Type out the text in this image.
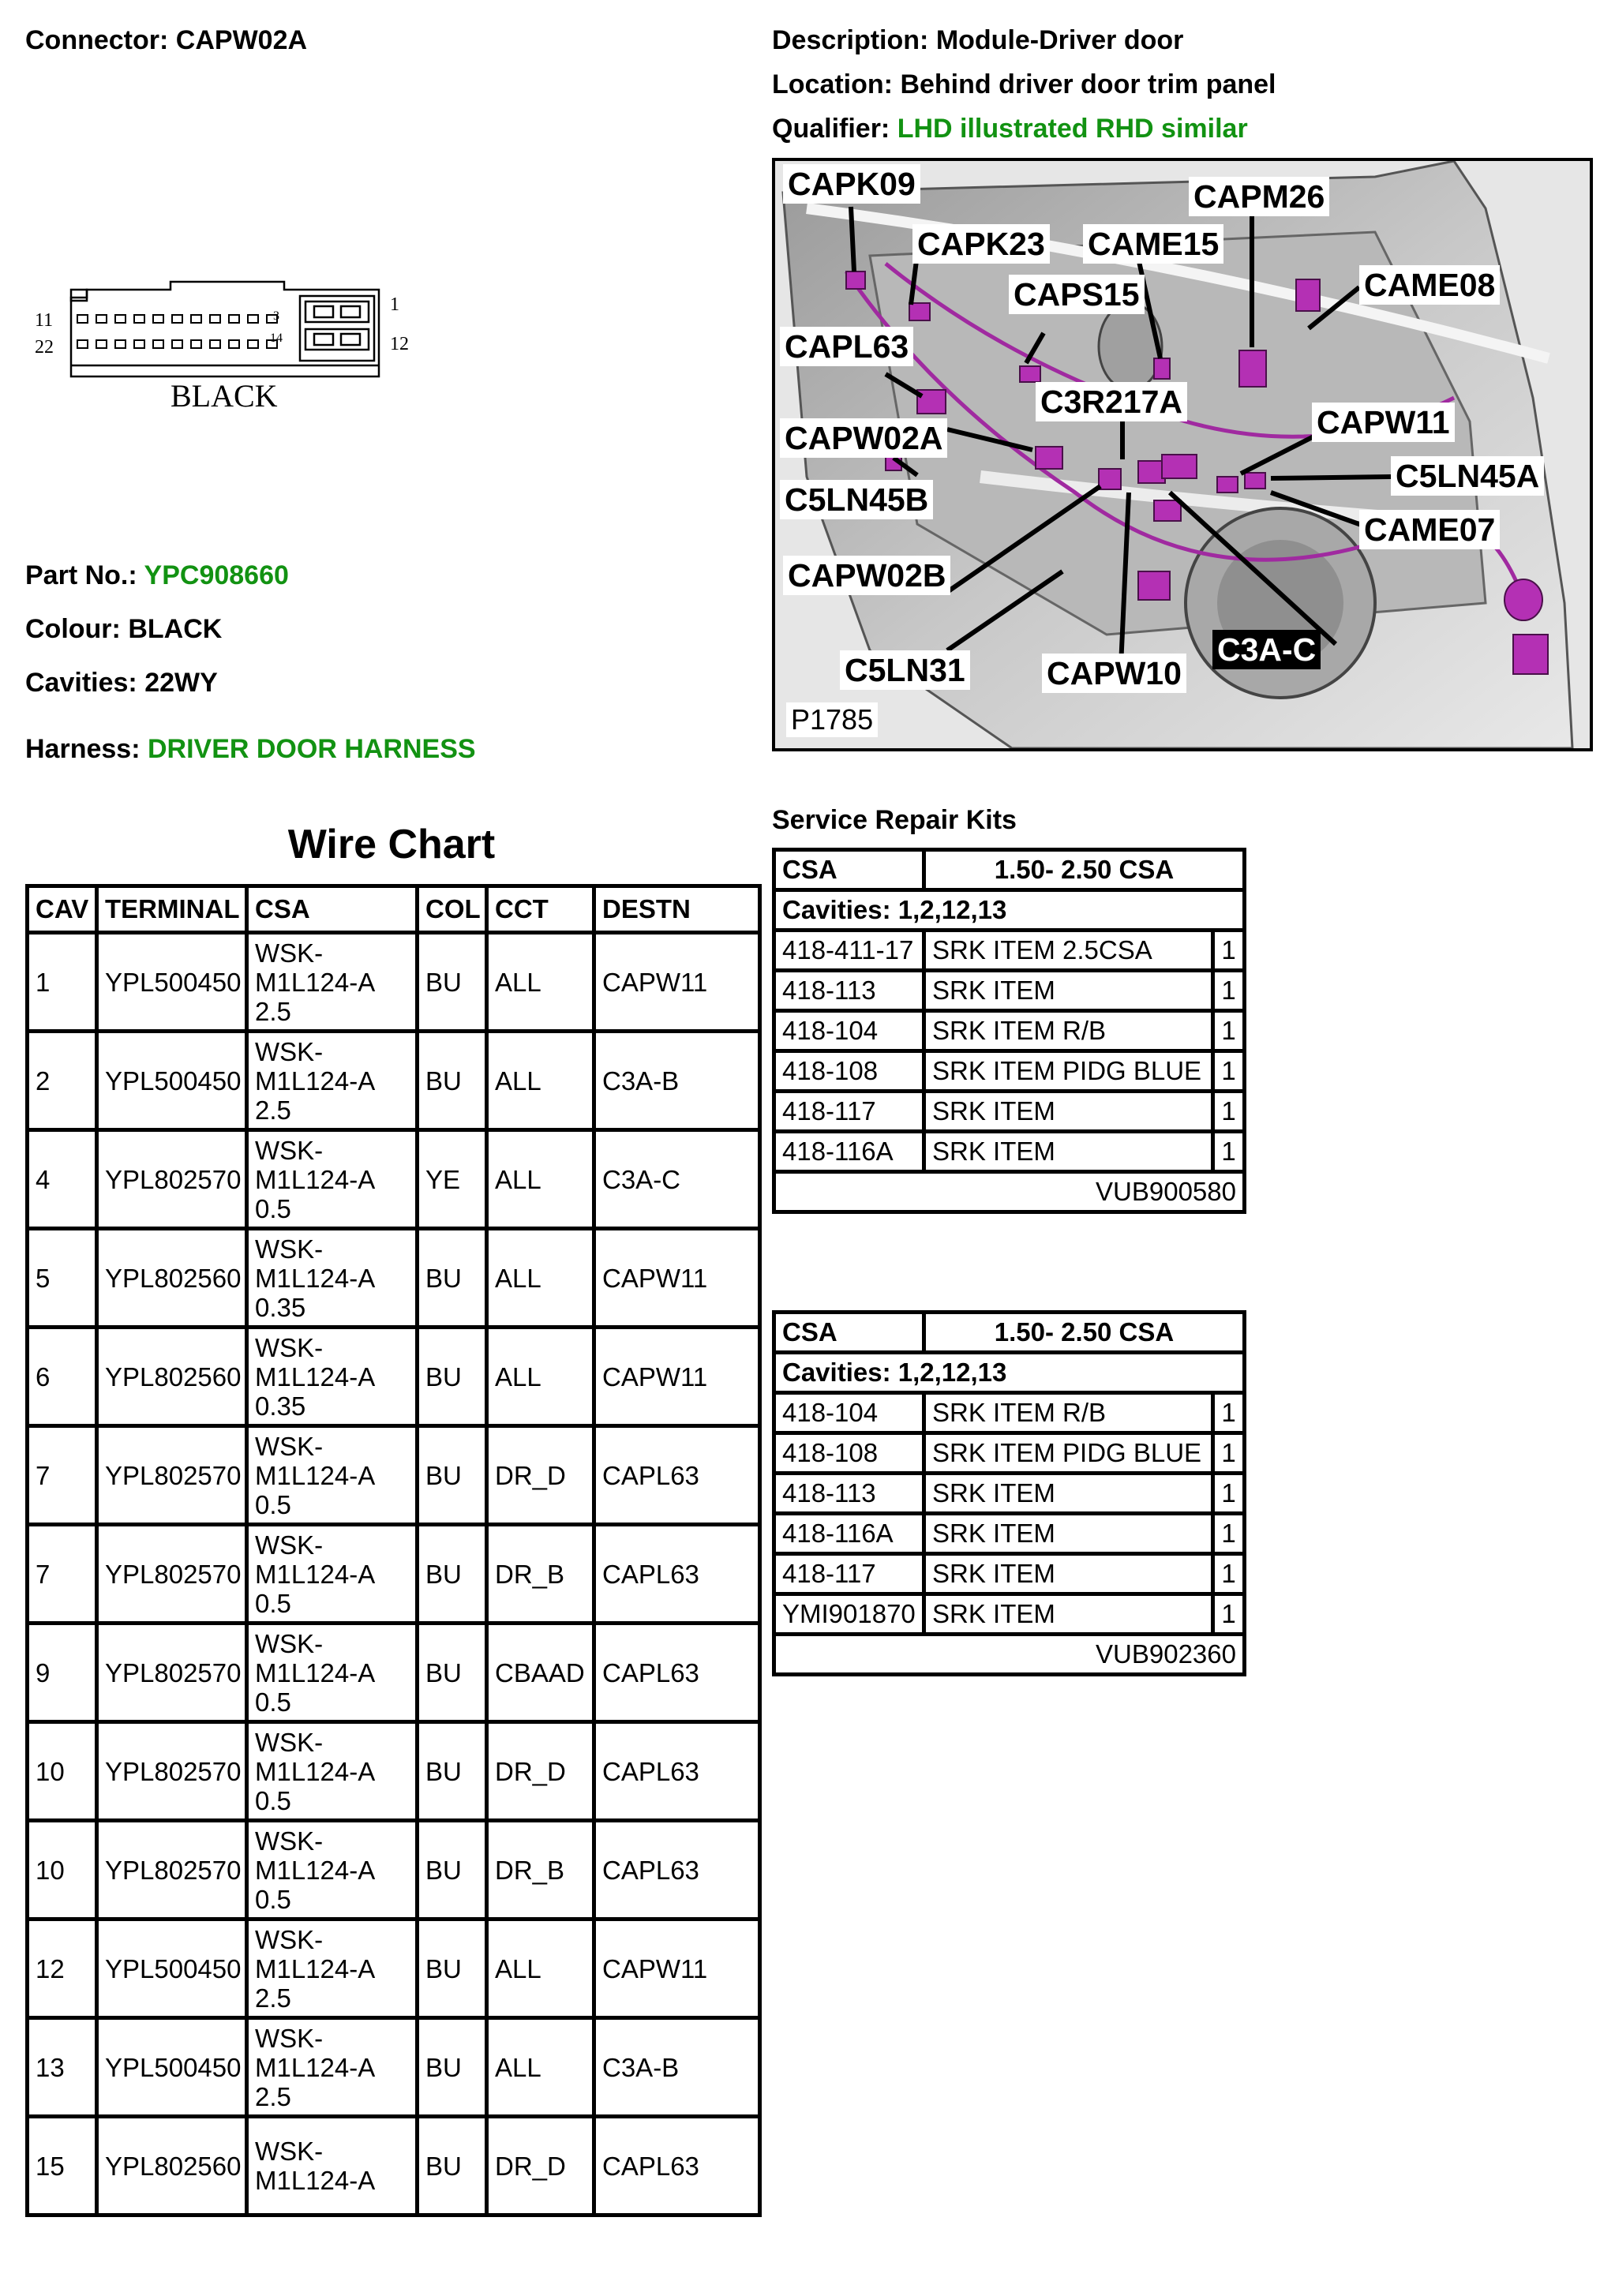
Connector: CAPW02A	Description: Module-Driver door
Location: Behind driver door trim panel
Qualifier: LHD illustrated RHD similar
11
22
1
12
3
14
BLACK
Part No.: YPC908660
Colour: BLACK
Cavities: 22WY
Harness: DRIVER DOOR HARNESS
CAPK09	CAPM26
CAPK23 CAME15
CAME08
CAPS15
CAPL63
C3R217A
CAPW11
CAPW02A
C5LN45A
C5LN45B
CAME07
CAPW02B
C3A-C
C5LN31	CAPW10
P1785
Wire Chart
CAV	TERMINAL	CSA	COL	CCT	DESTN
1	YPL500450	WSK-
M1L124-A
2.5	BU	ALL	CAPW11
2	YPL500450	WSK-
M1L124-A
2.5	BU	ALL	C3A-B
4	YPL802570	WSK-
M1L124-A
0.5	YE	ALL	C3A-C
5	YPL802560	WSK-
M1L124-A
0.35	BU	ALL	CAPW11
6	YPL802560	WSK-
M1L124-A
0.35	BU	ALL	CAPW11
7	YPL802570	WSK-
M1L124-A
0.5	BU	DR_D	CAPL63
7	YPL802570	WSK-
M1L124-A
0.5	BU	DR_B	CAPL63
9	YPL802570	WSK-
M1L124-A
0.5	BU	CBAAD	CAPL63
10	YPL802570	WSK-
M1L124-A
0.5	BU	DR_D	CAPL63
10	YPL802570	WSK-
M1L124-A
0.5	BU	DR_B	CAPL63
12	YPL500450	WSK-
M1L124-A
2.5	BU	ALL	CAPW11
13	YPL500450	WSK-
M1L124-A
2.5	BU	ALL	C3A-B
15	YPL802560	WSK-
M1L124-A	BU	DR_D	CAPL63
Service Repair Kits
CSA	1.50- 2.50 CSA	
Cavities: 1,2,12,13		
418-411-17	SRK ITEM 2.5CSA	1
418-113	SRK ITEM	1
418-104	SRK ITEM R/B	1
418-108	SRK ITEM PIDG BLUE	1
418-117	SRK ITEM	1
418-116A	SRK ITEM	1
VUB900580		
CSA	1.50- 2.50 CSA	
Cavities: 1,2,12,13		
418-104	SRK ITEM R/B	1
418-108	SRK ITEM PIDG BLUE	1
418-113	SRK ITEM	1
418-116A	SRK ITEM	1
418-117	SRK ITEM	1
YMI901870	SRK ITEM	1
VUB902360		
